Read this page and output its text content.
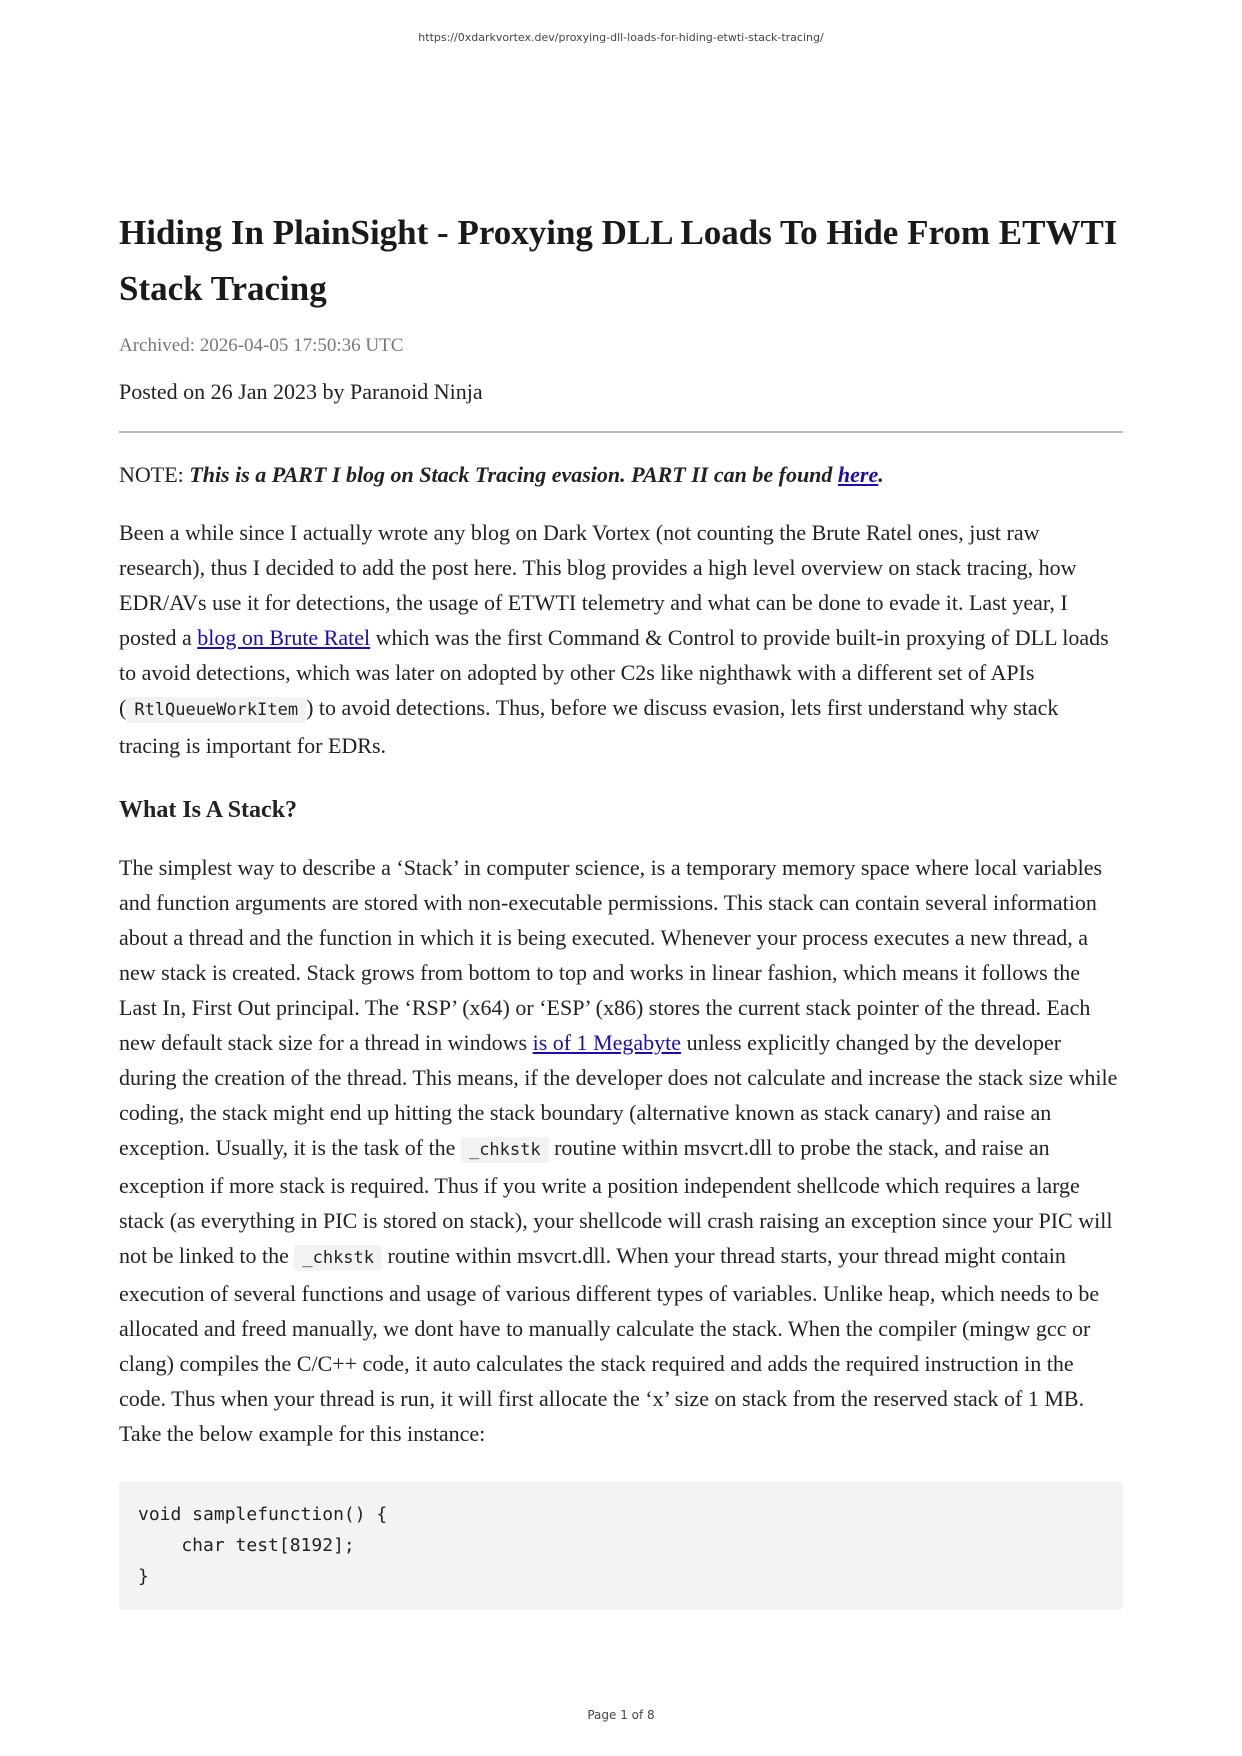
https://0xdarkvortex.dev/proxying-dll-loads-for-hiding-etwti-stack-tracing/
Hiding In PlainSight - Proxying DLL Loads To Hide From ETWTI Stack Tracing
Archived: 2026-04-05 17:50:36 UTC
Posted on 26 Jan 2023 by Paranoid Ninja
NOTE: This is a PART I blog on Stack Tracing evasion. PART II can be found here.

Been a while since I actually wrote any blog on Dark Vortex (not counting the Brute Ratel ones, just raw research), thus I decided to add the post here. This blog provides a high level overview on stack tracing, how EDR/AVs use it for detections, the usage of ETWTI telemetry and what can be done to evade it. Last year, I posted a blog on Brute Ratel which was the first Command & Control to provide built-in proxying of DLL loads to avoid detections, which was later on adopted by other C2s like nighthawk with a different set of APIs ( RtlQueueWorkItem ) to avoid detections. Thus, before we discuss evasion, lets first understand why stack tracing is important for EDRs.

What Is A Stack?

The simplest way to describe a ‘Stack’ in computer science, is a temporary memory space where local variables and function arguments are stored with non-executable permissions. This stack can contain several information about a thread and the function in which it is being executed. Whenever your process executes a new thread, a new stack is created. Stack grows from bottom to top and works in linear fashion, which means it follows the Last In, First Out principal. The ‘RSP’ (x64) or ‘ESP’ (x86) stores the current stack pointer of the thread. Each new default stack size for a thread in windows is of 1 Megabyte unless explicitly changed by the developer during the creation of the thread. This means, if the developer does not calculate and increase the stack size while coding, the stack might end up hitting the stack boundary (alternative known as stack canary) and raise an exception. Usually, it is the task of the _chkstk routine within msvcrt.dll to probe the stack, and raise an exception if more stack is required. Thus if you write a position independent shellcode which requires a large stack (as everything in PIC is stored on stack), your shellcode will crash raising an exception since your PIC will not be linked to the _chkstk routine within msvcrt.dll. When your thread starts, your thread might contain execution of several functions and usage of various different types of variables. Unlike heap, which needs to be allocated and freed manually, we dont have to manually calculate the stack. When the compiler (mingw gcc or clang) compiles the C/C++ code, it auto calculates the stack required and adds the required instruction in the code. Thus when your thread is run, it will first allocate the ‘x’ size on stack from the reserved stack of 1 MB. Take the below example for this instance:

void samplefunction() {
char test[8192];
}
Page 1 of 8
